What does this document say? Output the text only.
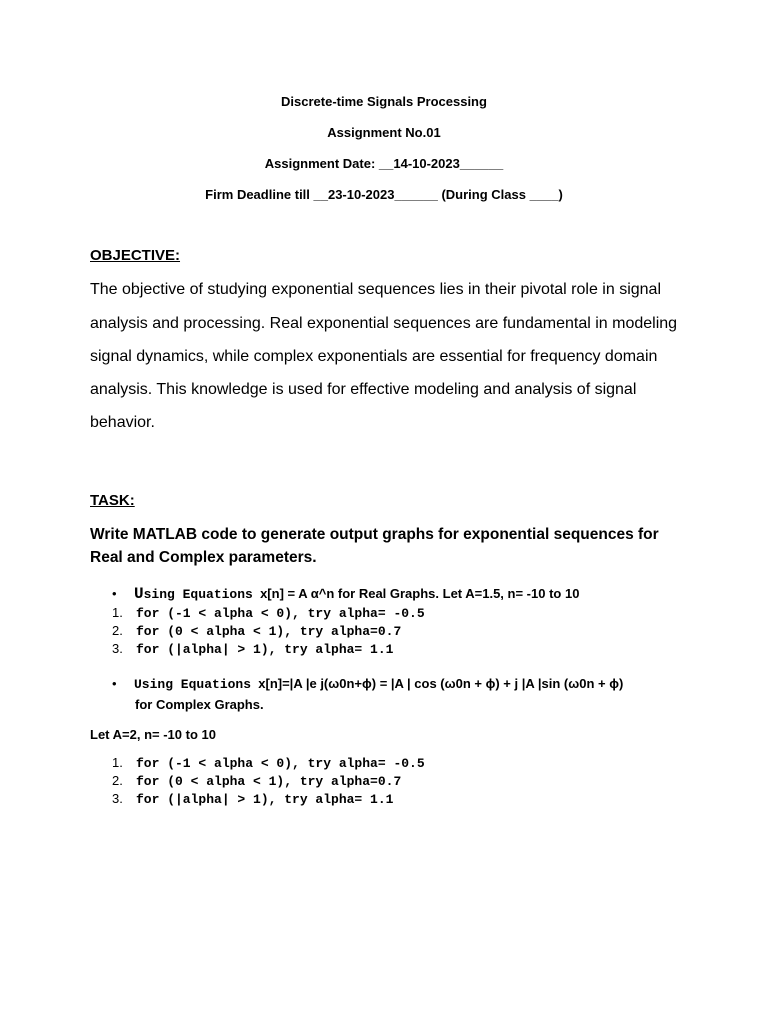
Discrete-time Signals Processing
Assignment No.01
Assignment Date: __14-10-2023______
Firm Deadline till __23-10-2023______ (During Class ____)
OBJECTIVE:
The objective of studying exponential sequences lies in their pivotal role in signal
analysis and processing. Real exponential sequences are fundamental in modeling
signal dynamics, while complex exponentials are essential for frequency domain
analysis. This knowledge is used for effective modeling and analysis of signal
behavior.
TASK:
Write MATLAB code to generate output graphs for exponential sequences for
Real and Complex parameters.
• Using Equations x[n] = A α^n for Real Graphs. Let A=1.5, n= -10 to 10
1. for (-1 < alpha < 0), try alpha= -0.5
2. for (0 < alpha < 1), try alpha=0.7
3. for (|alpha| > 1), try alpha= 1.1
• Using Equations x[n]=|A |e j(ω0n+ϕ) = |A | cos (ω0n + ϕ) + j |A |sin (ω0n + ϕ)
for Complex Graphs.
Let A=2, n= -10 to 10
1. for (-1 < alpha < 0), try alpha= -0.5
2. for (0 < alpha < 1), try alpha=0.7
3. for (|alpha| > 1), try alpha= 1.1
